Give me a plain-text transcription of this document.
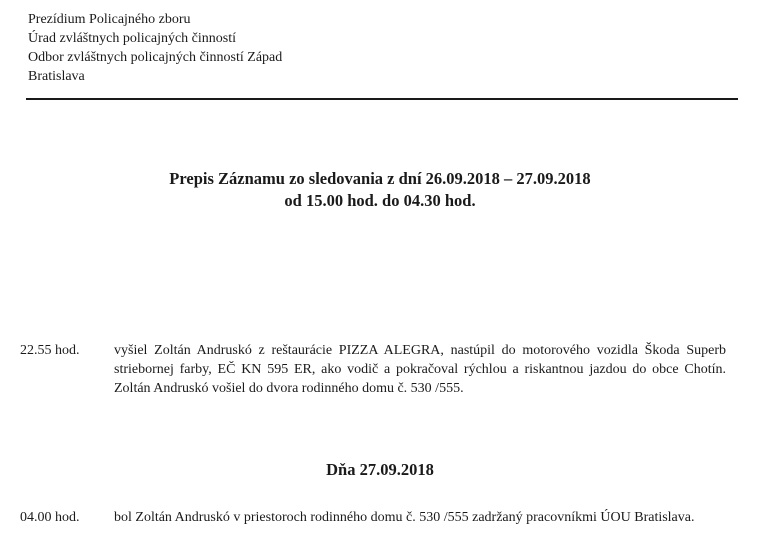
Prezídium Policajného zboru
Úrad zvláštnych policajných činností
Odbor zvláštnych policajných činností Západ
Bratislava
Prepis Záznamu zo sledovania z dní 26.09.2018 – 27.09.2018
od 15.00 hod. do 04.30 hod.
22.55 hod. vyšiel Zoltán Andruskó z reštaurácie PIZZA ALEGRA, nastúpil do motorového vozidla Škoda Superb striebornej farby, EČ KN 595 ER, ako vodič a pokračoval rýchlou a riskantnou jazdou do obce Chotín. Zoltán Andruskó vošiel do dvora rodinného domu č. 530 /555.
Dňa 27.09.2018
04.00 hod. bol Zoltán Andruskó v priestoroch rodinného domu č. 530 /555 zadržaný pracovníkmi ÚOU Bratislava.
